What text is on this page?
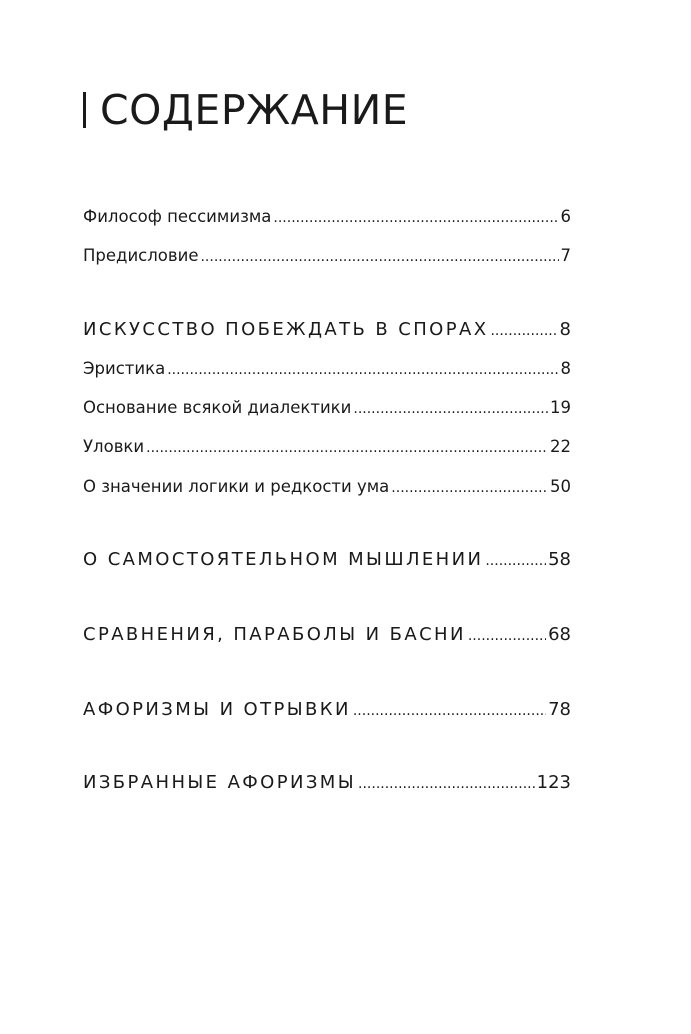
СОДЕРЖАНИЕ
Философ пессимизма .....	6
Предисловие .....	7
ИСКУССТВО ПОБЕЖДАТЬ В СПОРАХ .....	8
Эристика .....	8
Основание всякой диалектики .....	19
Уловки .....	22
О значении логики и редкости ума .....	50
О САМОСТОЯТЕЛЬНОМ МЫШЛЕНИИ .....	58
СРАВНЕНИЯ, ПАРАБОЛЫ И БАСНИ .....	68
АФОРИЗМЫ И ОТРЫВКИ .....	78
ИЗБРАННЫЕ АФОРИЗМЫ .....	123
